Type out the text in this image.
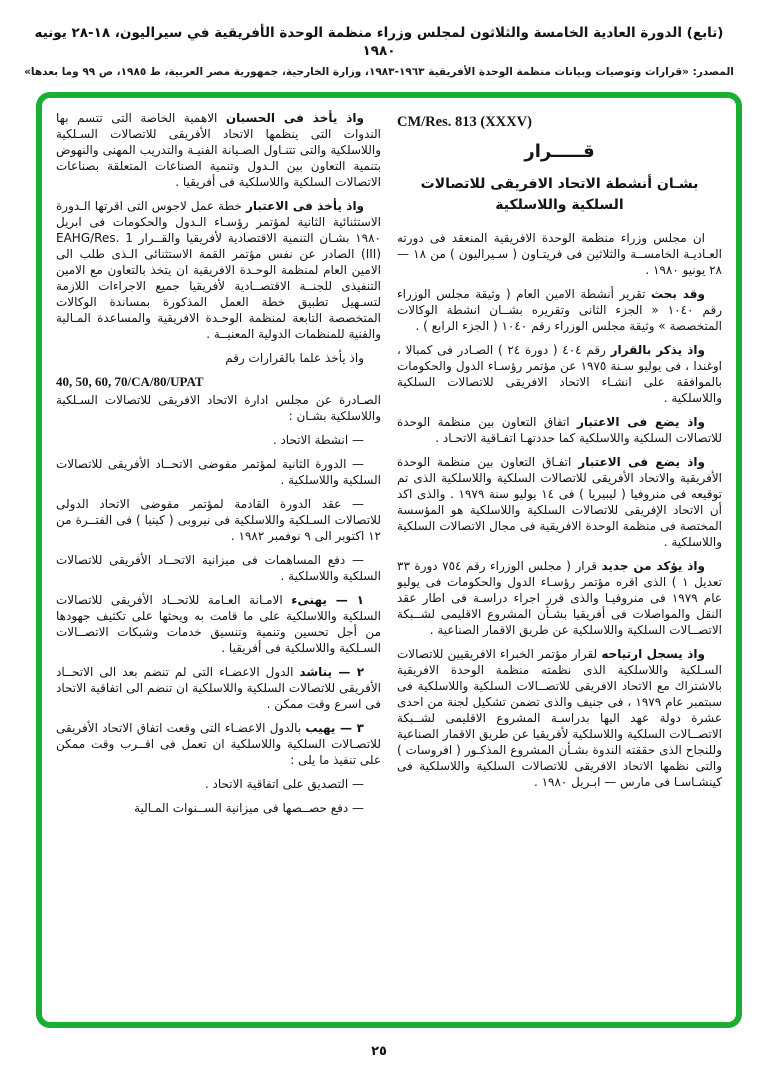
(تابع) الدورة العادية الخامسة والثلاثون لمجلس وزراء منظمة الوحدة الأفريقية في سيراليون، ١٨-٢٨ يونيه ١٩٨٠
المصدر: «قرارات وتوصيات وبيانات منظمة الوحدة الأفريقية ١٩٦٣-١٩٨٣، وزارة الخارجية، جمهورية مصر العربية، ط ١٩٨٥، ص ٩٩ وما بعدها»
CM/Res. 813 (XXXV)
قـــــرار
بشـان أنشطة الاتحاد الافريقى للاتصالات السلكية واللاسلكية

ان مجلس وزراء منظمة الوحدة الافريقية المنعقد فى دورته العـاديـة الخامســة والثلاثين فى فريتـاون ( سـيراليون ) من ١٨ — ٢٨ يونيو ١٩٨٠ .

وقد بحث تقرير أنشطة الامين العام ( وثيقة مجلس الوزراء رقم ١٠٤٠ « الجزء الثانى وتقريره بشــان انشطة الوكالات المتخصصة » وثيقة مجلس الوزراء رقم ١٠٤٠ ( الجزء الرابع ) .

واذ يذكر بالقرار رقم ٤٠٤ ( دورة ٢٤ ) الصـادر فى كمبالا ، اوغندا ، فى يوليو سـنة ١٩٧٥ عن مؤتمر رؤسـاء الدول والحكومات بالموافقة على انشـاء الاتحاد الافريقى للاتصالات السلكية واللاسلكية .

واذ يضع فى الاعتبار اتفاق التعاون بين منظمة الوحدة للاتصالات السلكية واللاسلكية كما حددتهـا اتفـاقية الاتحـاد .

واذ يضع فى الاعتبار اتفـاق التعاون بين منظمة الوحدة الأفريقية والاتحاد الأفريقى للاتصالات السلكية واللاسلكية الذى تم توقيعه فى منروفيا ( ليبيريا ) فى ١٤ يوليو سنة ١٩٧٩ . والذى اكد أن الاتحاد الإفريقى للاتصالات السلكية واللاسلكية هو المؤسسة المختصة فى منظمة الوحدة الافريقية فى مجال الاتصالات السلكية واللاسلكية .

واذ يؤكد من جديد قرار ( مجلس الوزراء رقم ٧٥٤ دورة ٣٣ تعديل ١ ) الذى اقره مؤتمر رؤسـاء الدول والحكومات فى يوليو عام ١٩٧٩ فى منروفيـا والذى قرر اجراء دراسـة فى اطار عقد النقل والمواصلات فى أفريقيا بشـأن المشروع الاقليمى لشــبكة الاتصــالات السلكية واللاسلكية عن طريق الاقمار الصناعية .

واذ يسجل ارتياحه لقرار مؤتمر الخبراء الافريقيين للاتصالات السـلكية واللاسلكية الذى نظمته منظمة الوحدة الافريقية بالاشتراك مع الاتحاد الافريقى للاتصــالات السلكية واللاسلكية فى سبتمبر عام ١٩٧٩ ، فى جنيف والذى تضمن تشكيل لجنة من احدى عشرة دولة عهد اليها بدراسـة المشروع الاقليمى لشــبكة الاتصــالات السلكية واللاسلكية لأفريقيا عن طريق الاقمار الصناعية وللنجاح الذى حققته الندوة بشـأن المشروع المذكـور ( افروسات ) والتى نظمها الاتحاد الافريقى للاتصالات السلكية واللاسلكية فى كينشـاسـا فى مارس — ابـريل ١٩٨٠ .

واذ يأخذ فى الحسبان الاهمية الخاصة التى تتسم بها الندوات التى ينظمها الاتحاد الأفريقى للاتصالات السـلكية واللاسلكية والتى تتنـاول الصـيانة الفنيـة والتدريب المهنى والنهوض بتنمية التعاون بين الـدول وتنمية الصناعات المتعلقة بصناعات الاتصالات السلكية واللاسلكية فى أفريقيا .

واذ يأخذ فى الاعتبار خطة عمل لاجوس التى اقرتها الـدورة الاستثنائية الثانية لمؤتمر رؤسـاء الـدول والحكومات فى ابريل ١٩٨٠ بشـان التنمية الاقتصادية لأفريقيا والقــرار EAHG/Res. 1 (III) الصادر عن نفس مؤتمر القمة الاستثنائى الـذى طلب الى الامين العام لمنظمة الوحـدة الافريقية ان يتخذ بالتعاون مع الامين التنفيذى للجنــة الاقتصــادية لأفريقيا جميع الاجراءات اللازمة لتسـهيل تطبيق خطة العمل المذكورة بمساندة الوكالات المتخصصة التابعة لمنظمة الوحـدة الافريقية والمساعدة المـالية والفنية للمنظمات الدولية المعنيــة .

واذ يأخذ علما بالقرارات رقم

40, 50, 60, 70/CA/80/UPAT

الصـادرة عن مجلس ادارة الاتحاد الافريقى للاتصالات السـلكية واللاسلكية بشـان :

— انشطة الاتحاد .

— الدورة الثانية لمؤتمر مفوضى الاتحــاد الأفريقى للاتصالات السلكية واللاسلكية .

— عقد الدورة القادمة لمؤتمر مفوضى الاتحاد الدولى للاتصالات السـلكية واللاسلكية فى نيروبى ( كينيا ) فى الفتــرة من ١٢ اكتوبر الى ٩ نوفمبر ١٩٨٢ .

— دفع المساهمات فى ميزانية الاتحــاد الأفريقى للاتصالات السلكية واللاسلكية .

١ — يهنىء الامـانة العـامة للاتحــاد الأفريقى للاتصالات السلكية واللاسلكية على ما قامت به ويحثها على تكثيف جهودها من أجل تحسين وتنمية وتنسيق خدمات وشبكات الاتصــالات السـلكية واللاسلكية فى أفريقيا .

٢ — يناشد الدول الاعضـاء التى لم تنضم بعد الى الاتحــاد الأفريقى للاتصالات السلكية واللاسلكية ان تنضم الى اتفاقية الاتحاد فى اسرع وقت ممكن .

٣ — يهيب بالدول الاعضـاء التى وقعت اتفاق الاتحاد الأفريقى للاتصـالات السلكية واللاسلكية ان تعمل فى اقــرب وقت ممكن على تنفيذ ما يلى :

— التصديق على اتفاقية الاتحاد .

— دفع حصــصها فى ميزانية الســنوات المـالية

٢٥
